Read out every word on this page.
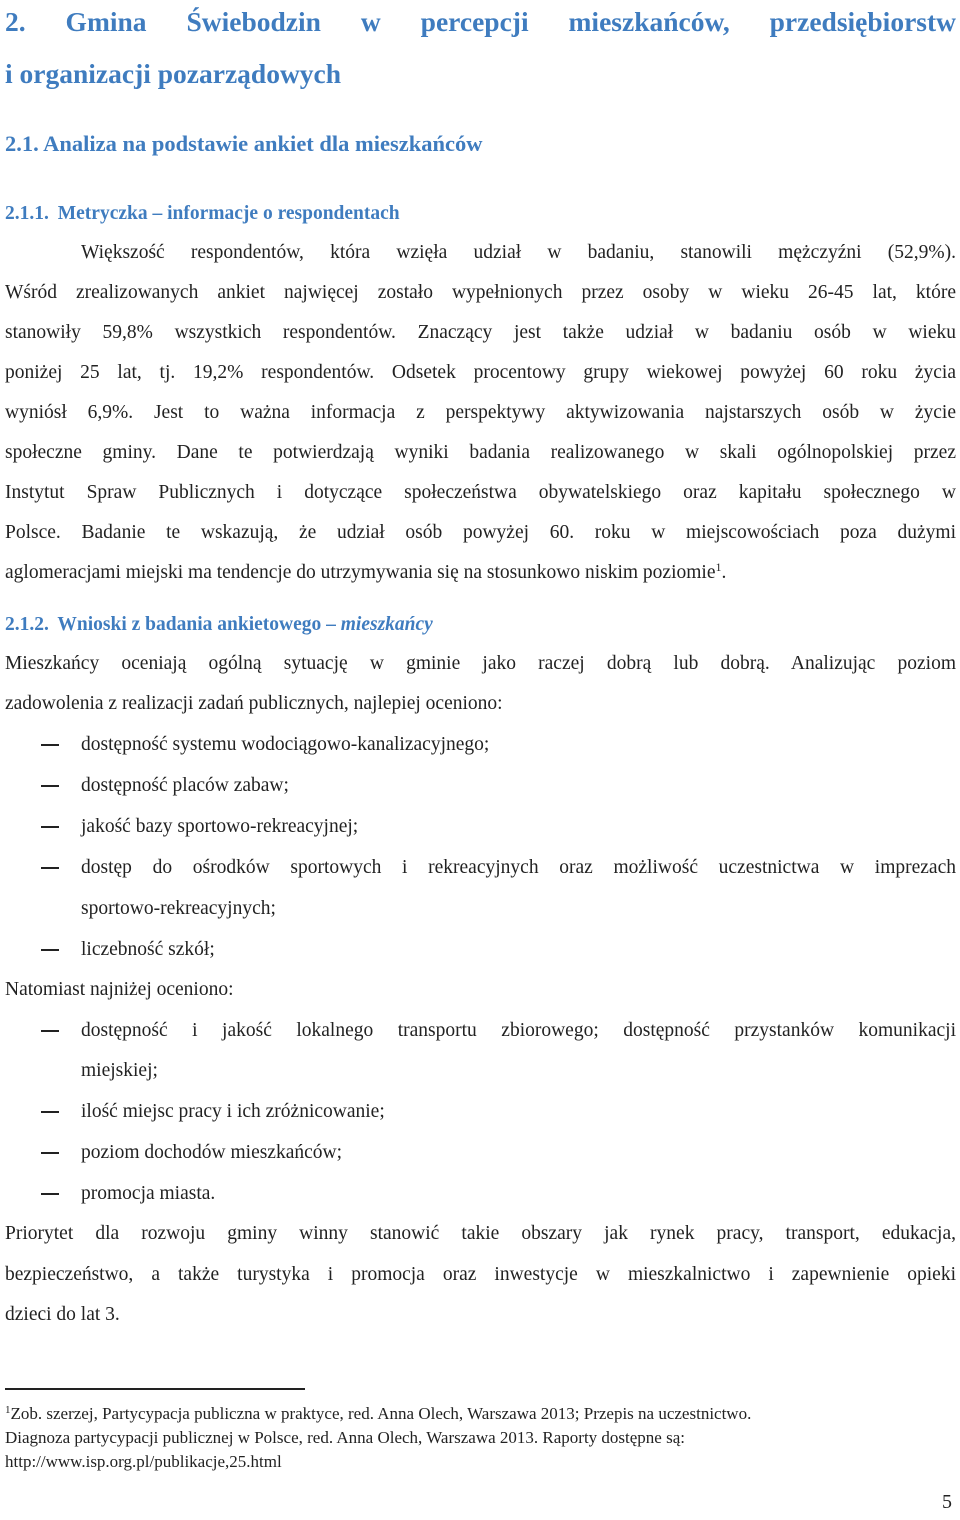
2. Gmina Świebodzin w percepcji mieszkańców, przedsiębiorstw
i organizacji pozarządowych
2.1. Analiza na podstawie ankiet dla mieszkańców
2.1.1. Metryczka – informacje o respondentach
Większość respondentów, która wzięła udział w badaniu, stanowili mężczyźni (52,9%).
Wśród zrealizowanych ankiet najwięcej zostało wypełnionych przez osoby w wieku 26-45 lat, które
stanowiły 59,8% wszystkich respondentów. Znaczący jest także udział w badaniu osób w wieku
poniżej 25 lat, tj. 19,2% respondentów. Odsetek procentowy grupy wiekowej powyżej 60 roku życia
wyniósł 6,9%. Jest to ważna informacja z perspektywy aktywizowania najstarszych osób w życie
społeczne gminy. Dane te potwierdzają wyniki badania realizowanego w skali ogólnopolskiej przez
Instytut Spraw Publicznych i dotyczące społeczeństwa obywatelskiego oraz kapitału społecznego w
Polsce. Badanie te wskazują, że udział osób powyżej 60. roku w miejscowościach poza dużymi
aglomeracjami miejski ma tendencje do utrzymywania się na stosunkowo niskim poziomie$^1$.
2.1.2. Wnioski z badania ankietowego – mieszkańcy
Mieszkańcy oceniają ogólną sytuację w gminie jako raczej dobrą lub dobrą. Analizując poziom
zadowolenia z realizacji zadań publicznych, najlepiej oceniono:
dostępność systemu wodociągowo-kanalizacyjnego;
dostępność placów zabaw;
jakość bazy sportowo-rekreacyjnej;
dostęp do ośrodków sportowych i rekreacyjnych oraz możliwość uczestnictwa w imprezach
sportowo-rekreacyjnych;
liczebność szkół;
Natomiast najniżej oceniono:
dostępność i jakość lokalnego transportu zbiorowego; dostępność przystanków komunikacji
miejskiej;
ilość miejsc pracy i ich zróżnicowanie;
poziom dochodów mieszkańców;
promocja miasta.
Priorytet dla rozwoju gminy winny stanowić takie obszary jak rynek pracy, transport, edukacja,
bezpieczeństwo, a także turystyka i promocja oraz inwestycje w mieszkalnictwo i zapewnienie opieki
dzieci do lat 3.
$^1$Zob. szerzej, Partycypacja publiczna w praktyce, red. Anna Olech, Warszawa 2013; Przepis na uczestnictwo.
Diagnoza partycypacji publicznej w Polsce, red. Anna Olech, Warszawa 2013. Raporty dostępne są:
http://www.isp.org.pl/publikacje,25.html
5
